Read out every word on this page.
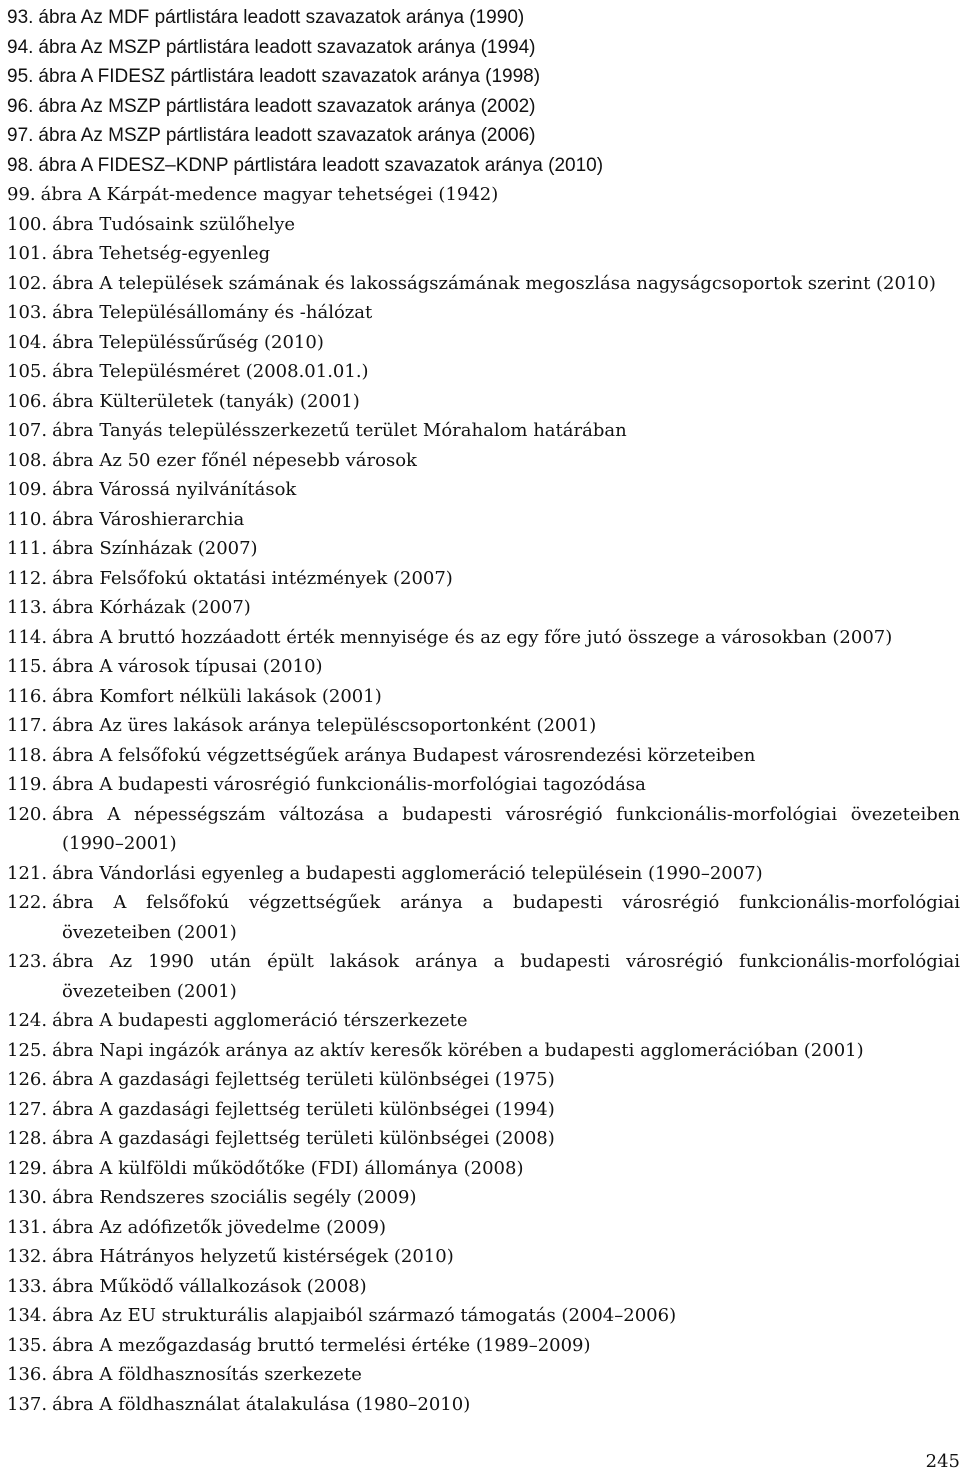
93. ábra Az MDF pártlistára leadott szavazatok aránya (1990)
94. ábra Az MSZP pártlistára leadott szavazatok aránya (1994)
95. ábra A FIDESZ pártlistára leadott szavazatok aránya (1998)
96. ábra Az MSZP pártlistára leadott szavazatok aránya (2002)
97. ábra Az MSZP pártlistára leadott szavazatok aránya (2006)
98. ábra A FIDESZ–KDNP pártlistára leadott szavazatok aránya (2010)
99. ábra A Kárpát-medence magyar tehetségei (1942)
100. ábra Tudósaink szülőhelye
101. ábra Tehetség-egyenleg
102. ábra A települések számának és lakosságszámának megoszlása nagyságcsoportok szerint (2010)
103. ábra Településállomány és -hálózat
104. ábra Településsűrűség (2010)
105. ábra Településméret (2008.01.01.)
106. ábra Külterületek (tanyák) (2001)
107. ábra Tanyás településszerkezetű terület Mórahalom határában
108. ábra Az 50 ezer főnél népesebb városok
109. ábra Várossá nyilvánítások
110. ábra Városhierarchia
111. ábra Színházak (2007)
112. ábra Felsőfokú oktatási intézmények (2007)
113. ábra Kórházak (2007)
114. ábra A bruttó hozzáadott érték mennyisége és az egy főre jutó összege a városokban (2007)
115. ábra A városok típusai (2010)
116. ábra Komfort nélküli lakások (2001)
117. ábra Az üres lakások aránya településcsoportonként (2001)
118. ábra A felsőfokú végzettségűek aránya Budapest városrendezési körzeteiben
119. ábra A budapesti városrégió funkcionális-morfológiai tagozódása
120. ábra A népességszám változása a budapesti városrégió funkcionális-morfológiai övezeteiben (1990–2001)
121. ábra Vándorlási egyenleg a budapesti agglomeráció településein (1990–2007)
122. ábra A felsőfokú végzettségűek aránya a budapesti városrégió funkcionális-morfológiai övezeteiben (2001)
123. ábra Az 1990 után épült lakások aránya a budapesti városrégió funkcionális-morfológiai övezeteiben (2001)
124. ábra A budapesti agglomeráció térszerkezete
125. ábra Napi ingázók aránya az aktív keresők körében a budapesti agglomerációban (2001)
126. ábra A gazdasági fejlettség területi különbségei (1975)
127. ábra A gazdasági fejlettség területi különbségei (1994)
128. ábra A gazdasági fejlettség területi különbségei (2008)
129. ábra A külföldi működőtőke (FDI) állománya (2008)
130. ábra Rendszeres szociális segély (2009)
131. ábra Az adófizetők jövedelme (2009)
132. ábra Hátrányos helyzetű kistérségek (2010)
133. ábra Működő vállalkozások (2008)
134. ábra Az EU strukturális alapjaiból származó támogatás (2004–2006)
135. ábra A mezőgazdaság bruttó termelési értéke (1989–2009)
136. ábra A földhasznosítás szerkezete
137. ábra A földhasználat átalakulása (1980–2010)
245
